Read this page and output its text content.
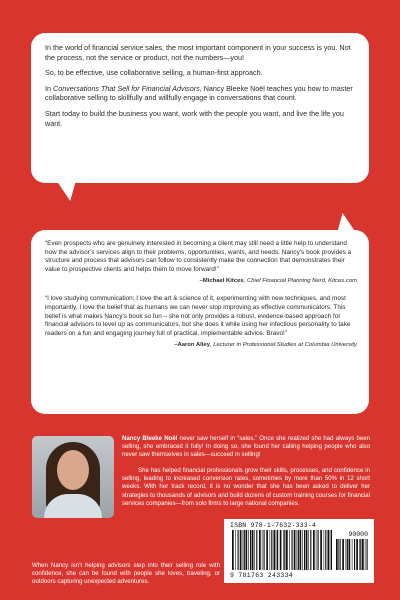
In the world of financial service sales, the most important component in your success is you. Not the process, not the service or product, not the numbers—you!

So, to be effective, use collaborative selling, a human-first approach.

In Conversations That Sell for Financial Advisors, Nancy Bleeke Noël teaches you how to master collaborative selling to skillfully and willfully engage in conversations that count.

Start today to build the business you want, work with the people you want, and live the life you want.

“Even prospects who are genuinely interested in becoming a client may still need a little help to understand how the advisor’s services align to their problems, opportunities, wants, and needs. Nancy’s book provides a structure and process that advisors can follow to consistently make the connection that demonstrates their value to prospective clients and helps them to move forward!”

–Michael Kitces, Chief Financial Planning Nerd, Kitces.com

“I love studying communication; I love the art & science of it, experimenting with new techniques, and most importantly, I love the belief that as humans we can never stop improving as effective communicators. This belief is what makes Nancy’s book so fun – she not only provides a robust, evidence-based approach for financial advisors to level up as communicators, but she does it while using her infectious personality to take readers on a fun and engaging journey full of practical, implementable advice. Bravo!”

–Aaron Alley, Lecturer in Professional Studies at Columbia University

Nancy Bleeke Noël never saw herself in “sales.” Once she realized she had always been selling, she embraced it fully! In doing so, she found her calling helping people who also never saw themselves in sales—succeed in selling!

She has helped financial professionals grow their skills, processes, and confidence in selling, leading to increased conversion rates, sometimes by more than 50% in 12 short weeks. With her track record, it is no wonder that she has been asked to deliver her strategies to thousands of advisors and build dozens of custom training courses for financial services companies—from solo firms to large national companies.

When Nancy isn’t helping advisors step into their selling role with confidence, she can be found with people she loves, traveling, or outdoors capturing unexpected adventures.

ISBN 978-1-7632-333-4
90000
9 781763 243334
